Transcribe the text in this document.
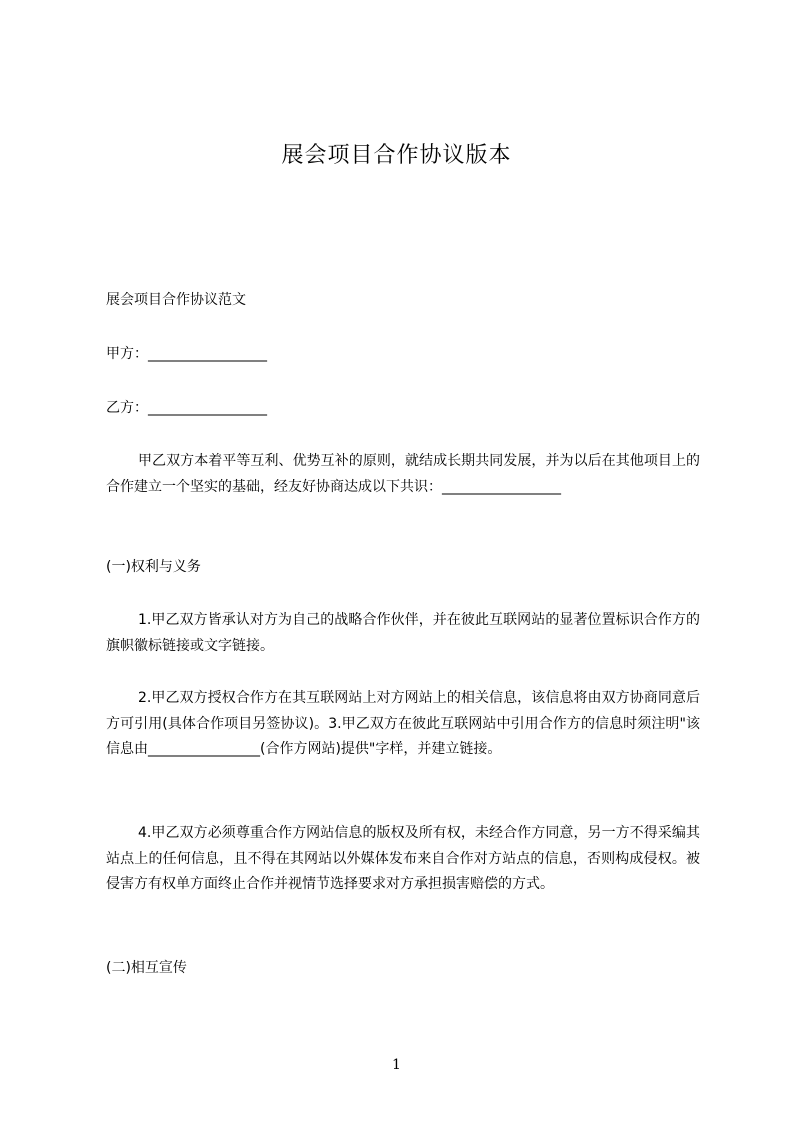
展会项目合作协议版本
展会项目合作协议范文
甲方：_________________
乙方：_________________
甲乙双方本着平等互利、优势互补的原则，就结成长期共同发展，并为以后在其他项目上的合作建立一个坚实的基础，经友好协商达成以下共识：_________________
(一)权利与义务
1.甲乙双方皆承认对方为自己的战略合作伙伴，并在彼此互联网站的显著位置标识合作方的旗帜徽标链接或文字链接。
2.甲乙双方授权合作方在其互联网站上对方网站上的相关信息，该信息将由双方协商同意后方可引用(具体合作项目另签协议)。3.甲乙双方在彼此互联网站中引用合作方的信息时须注明"该信息由________________(合作方网站)提供"字样，并建立链接。
4.甲乙双方必须尊重合作方网站信息的版权及所有权，未经合作方同意，另一方不得采编其站点上的任何信息，且不得在其网站以外媒体发布来自合作对方站点的信息，否则构成侵权。被侵害方有权单方面终止合作并视情节选择要求对方承担损害赔偿的方式。
(二)相互宣传
1
